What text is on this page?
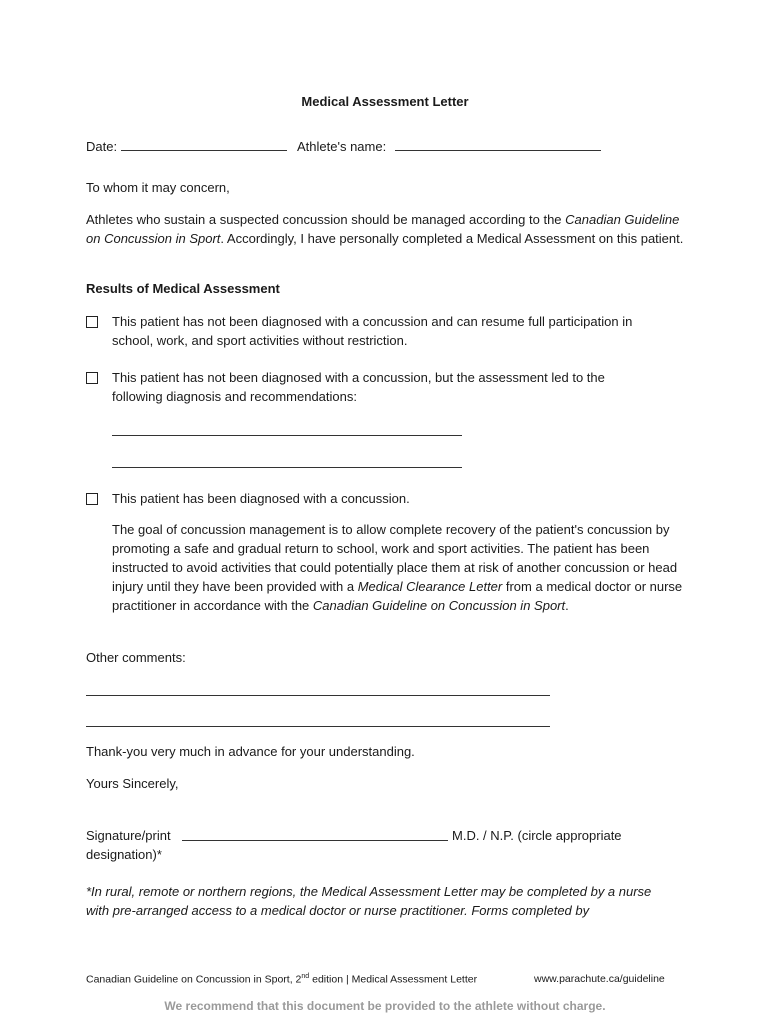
Medical Assessment Letter
Date:	Athlete's name:
To whom it may concern,
Athletes who sustain a suspected concussion should be managed according to the Canadian Guideline on Concussion in Sport. Accordingly, I have personally completed a Medical Assessment on this patient.
Results of Medical Assessment
This patient has not been diagnosed with a concussion and can resume full participation in school, work, and sport activities without restriction.
This patient has not been diagnosed with a concussion, but the assessment led to the following diagnosis and recommendations:
This patient has been diagnosed with a concussion.
The goal of concussion management is to allow complete recovery of the patient's concussion by promoting a safe and gradual return to school, work and sport activities. The patient has been instructed to avoid activities that could potentially place them at risk of another concussion or head injury until they have been provided with a Medical Clearance Letter from a medical doctor or nurse practitioner in accordance with the Canadian Guideline on Concussion in Sport.
Other comments:
Thank-you very much in advance for your understanding.
Yours Sincerely,
Signature/print	M.D. / N.P. (circle appropriate
designation)*
*In rural, remote or northern regions, the Medical Assessment Letter may be completed by a nurse with pre-arranged access to a medical doctor or nurse practitioner. Forms completed by
Canadian Guideline on Concussion in Sport, 2nd edition | Medical Assessment Letter	www.parachute.ca/guideline
We recommend that this document be provided to the athlete without charge.
